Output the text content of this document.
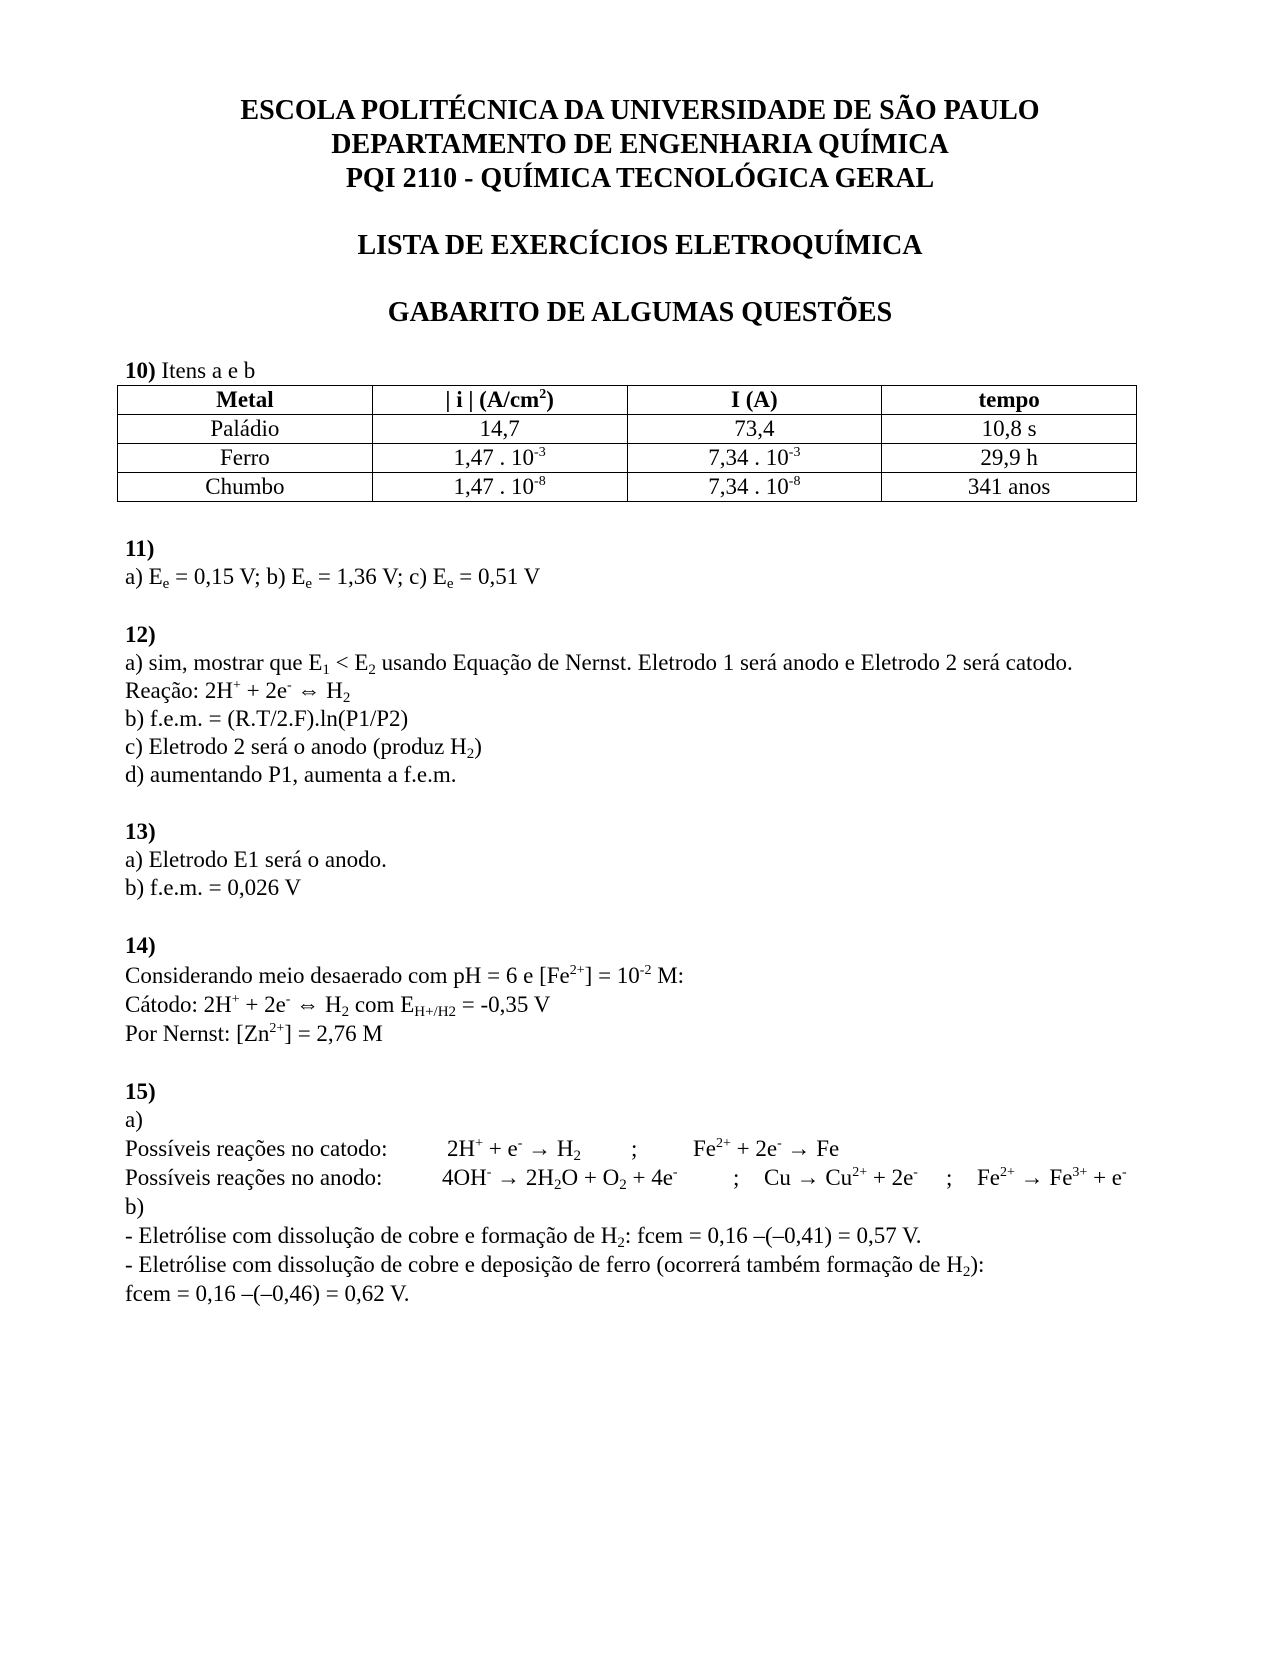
ESCOLA POLITÉCNICA DA UNIVERSIDADE DE SÃO PAULO
DEPARTAMENTO DE ENGENHARIA QUÍMICA
PQI 2110 - QUÍMICA TECNOLÓGICA GERAL
LISTA DE EXERCÍCIOS ELETROQUÍMICA
GABARITO DE ALGUMAS QUESTÕES
10) Itens a e b
Metal	| i | $(A/cm^2)$	I (A)	tempo
Paládio	14,7	73,4	10,8 s
Ferro	1,47 . $10^{-3}$	7,34 . $10^{-3}$	29,9 h
Chumbo	1,47 . $10^{-8}$	7,34 . $10^{-8}$	341 anos
11)
a) $E_e = 0,15$ V; b) $E_e = 1,36$ V; c) $E_e = 0,51$ V
12)
a) sim, mostrar que $E_1 < E_2$ usando Equação de Nernst. Eletrodo 1 será anodo e Eletrodo 2 será catodo.
Reação: 2H+ + 2e- ⇔ $H_2$
b) f.e.m. = (R.T/2.F).ln(P1/P2)
c) Eletrodo 2 será o anodo (produz $H_2$)
d) aumentando P1, aumenta a f.e.m.
13)
a) Eletrodo E1 será o anodo.
b) f.e.m. = 0,026 V
14)
Considerando meio desaerado com pH = 6 e $[Fe^{2+}] = 10^{-2}$ M:
Cátodo: 2H+ + 2e- ⇔ $H_2$ com $E_{H+/H2} = -0,35$ V
Por Nernst: $[Zn^{2+}] = 2,76$ M
15)
a)
Possíveis reações no catodo:	$2H^+ + e^- \to H_2$ ; $Fe^{2+} + 2e^- \to Fe$
Possíveis reações no anodo:	$4OH^- \to 2H_2O + O_2 + 4e^-$ ; $Cu \to Cu^{2+} + 2e^-$ ; $Fe^{2+} \to Fe^{3+} + e^-$
b)
- Eletrólise com dissolução de cobre e formação de $H_2$: fcem = 0,16 –(–0,41) = 0,57 V.
- Eletrólise com dissolução de cobre e deposição de ferro (ocorrerá também formação de $H_2$):
fcem = 0,16 –(–0,46) = 0,62 V.
